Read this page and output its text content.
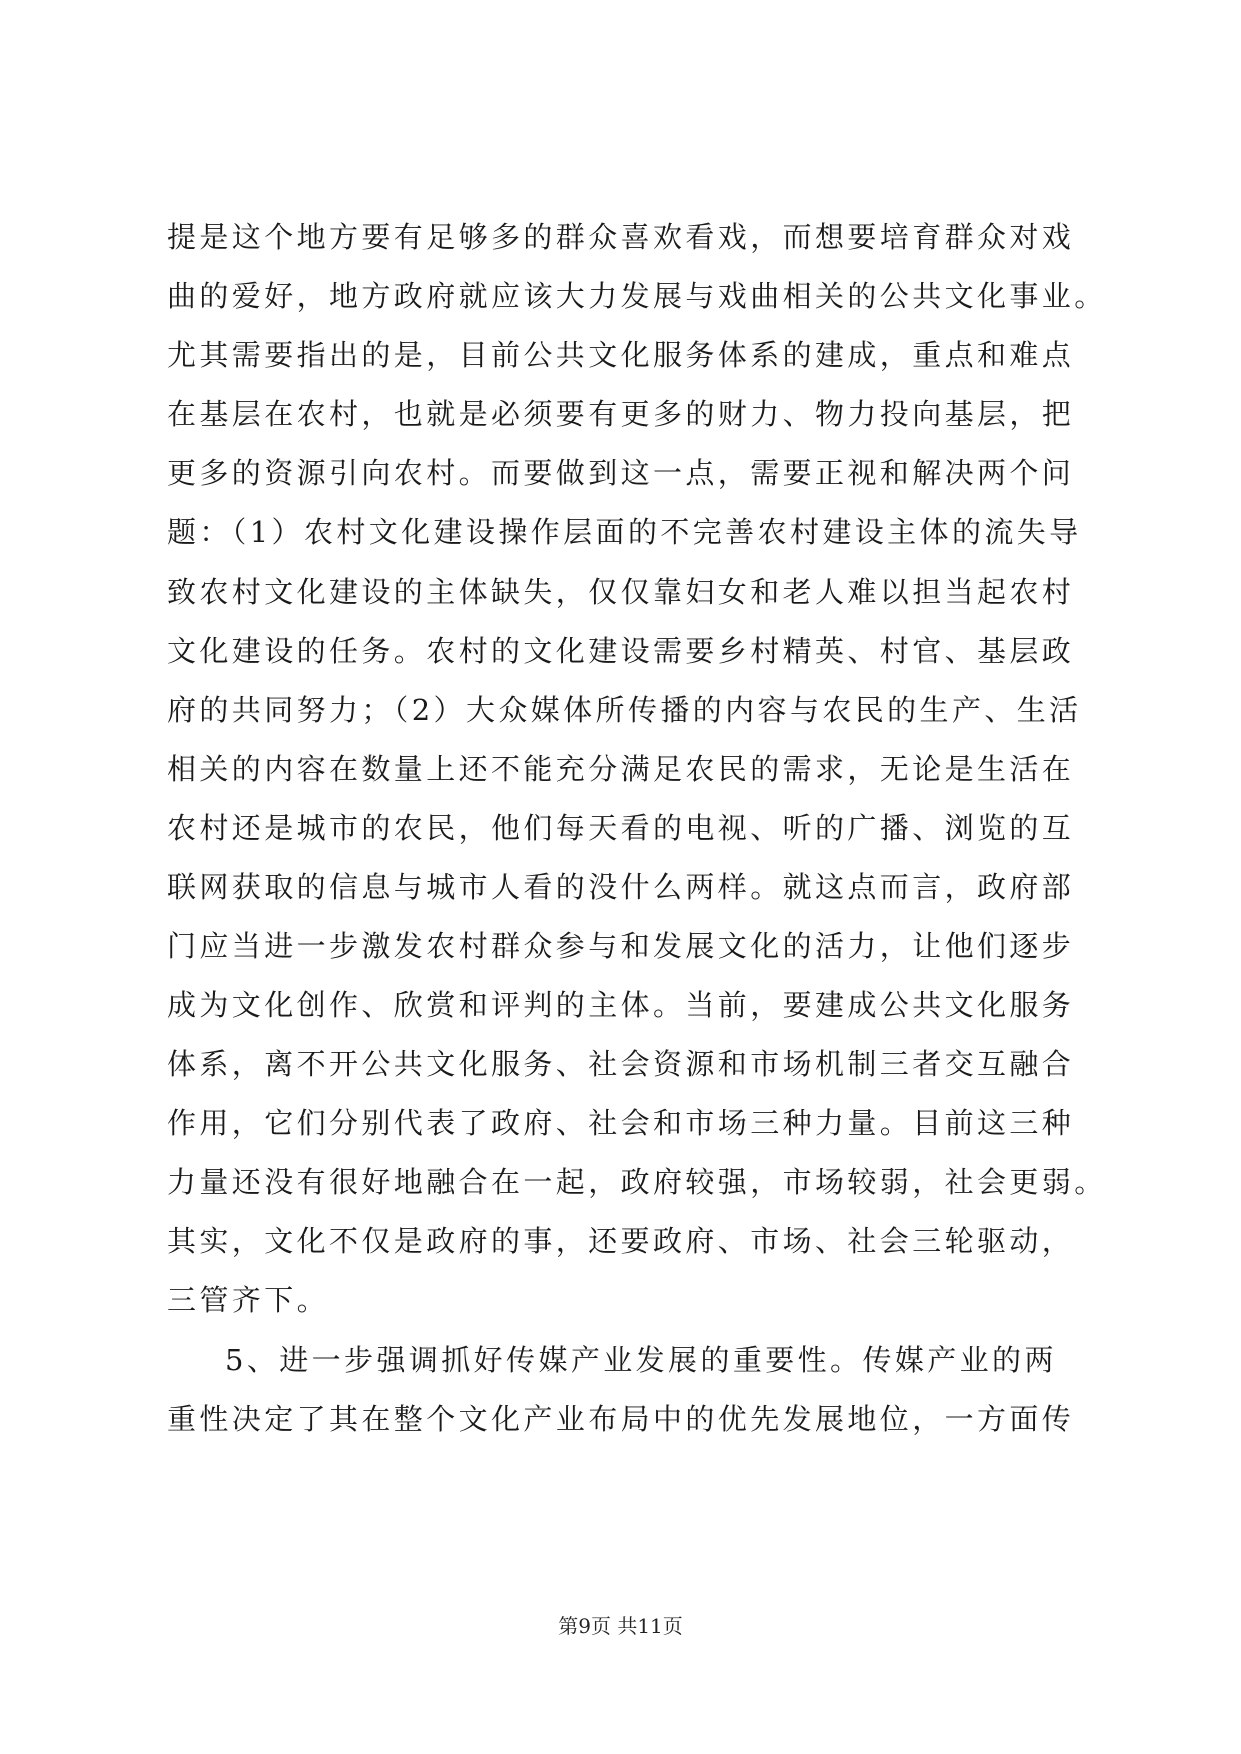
提是这个地方要有足够多的群众喜欢看戏，而想要培育群众对戏

曲的爱好，地方政府就应该大力发展与戏曲相关的公共文化事业。

尤其需要指出的是，目前公共文化服务体系的建成，重点和难点

在基层在农村，也就是必须要有更多的财力、物力投向基层，把

更多的资源引向农村。而要做到这一点，需要正视和解决两个问

题：（1）农村文化建设操作层面的不完善农村建设主体的流失导

致农村文化建设的主体缺失，仅仅靠妇女和老人难以担当起农村

文化建设的任务。农村的文化建设需要乡村精英、村官、基层政

府的共同努力；（2）大众媒体所传播的内容与农民的生产、生活

相关的内容在数量上还不能充分满足农民的需求，无论是生活在

农村还是城市的农民，他们每天看的电视、听的广播、浏览的互

联网获取的信息与城市人看的没什么两样。就这点而言，政府部

门应当进一步激发农村群众参与和发展文化的活力，让他们逐步

成为文化创作、欣赏和评判的主体。当前，要建成公共文化服务

体系，离不开公共文化服务、社会资源和市场机制三者交互融合

作用，它们分别代表了政府、社会和市场三种力量。目前这三种

力量还没有很好地融合在一起，政府较强，市场较弱，社会更弱。

其实，文化不仅是政府的事，还要政府、市场、社会三轮驱动，

三管齐下。

5、进一步强调抓好传媒产业发展的重要性。传媒产业的两

重性决定了其在整个文化产业布局中的优先发展地位，一方面传

第9页 共11页
